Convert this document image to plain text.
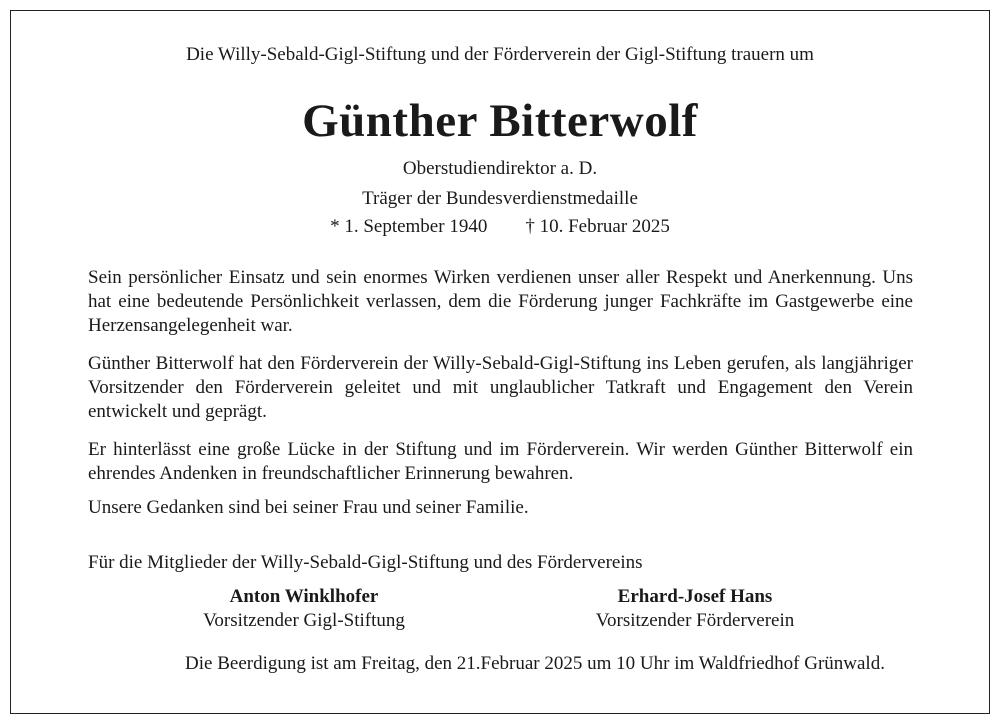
Die Willy-Sebald-Gigl-Stiftung und der Förderverein der Gigl-Stiftung trauern um
Günther Bitterwolf
Oberstudiendirektor a. D.
Träger der Bundesverdienstmedaille
* 1. September 1940 † 10. Februar 2025
Sein persönlicher Einsatz und sein enormes Wirken verdienen unser aller Respekt und Anerkennung. Uns hat eine bedeutende Persönlichkeit verlassen, dem die Förderung junger Fachkräfte im Gastgewerbe eine Herzensangelegenheit war.
Günther Bitterwolf hat den Förderverein der Willy-Sebald-Gigl-Stiftung ins Leben gerufen, als langjähriger Vorsitzender den Förderverein geleitet und mit unglaublicher Tatkraft und Engagement den Verein entwickelt und geprägt.
Er hinterlässt eine große Lücke in der Stiftung und im Förderverein. Wir werden Günther Bitterwolf ein ehrendes Andenken in freundschaftlicher Erinnerung bewahren.
Unsere Gedanken sind bei seiner Frau und seiner Familie.
Für die Mitglieder der Willy-Sebald-Gigl-Stiftung und des Fördervereins
Anton Winklhofer
Vorsitzender Gigl-Stiftung
Erhard-Josef Hans
Vorsitzender Förderverein
Die Beerdigung ist am Freitag, den 21.Februar 2025 um 10 Uhr im Waldfriedhof Grünwald.
